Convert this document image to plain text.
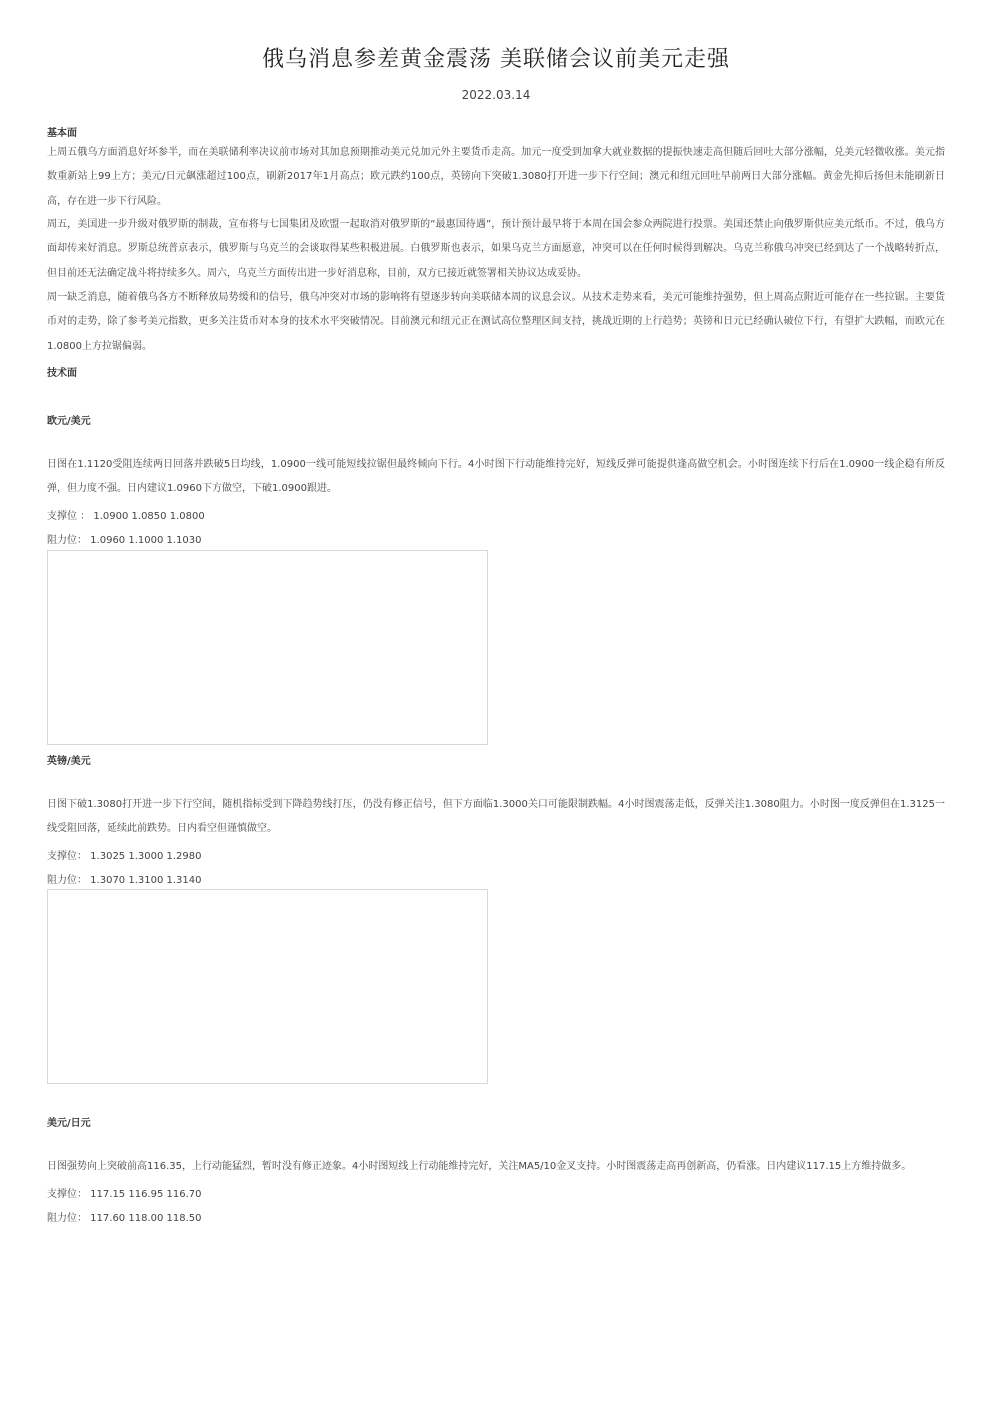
俄乌消息参差黄金震荡 美联储会议前美元走强
2022.03.14
基本面
上周五俄乌方面消息好坏参半，而在美联储利率决议前市场对其加息预期推动美元兑加元外主要货币走高。加元一度受到加拿大就业数据的提振快速走高但随后回吐大部分涨幅，兑美元轻微收涨。美元指数重新站上99上方；美元/日元飙涨超过100点，刷新2017年1月高点；欧元跌约100点，英镑向下突破1.3080打开进一步下行空间；澳元和纽元回吐早前两日大部分涨幅。黄金先抑后扬但未能刷新日高，存在进一步下行风险。
周五，美国进一步升级对俄罗斯的制裁，宣布将与七国集团及欧盟一起取消对俄罗斯的“最惠国待遇”，预计预计最早将于本周在国会参众两院进行投票。美国还禁止向俄罗斯供应美元纸币。不过，俄乌方面却传来好消息。罗斯总统普京表示，俄罗斯与乌克兰的会谈取得某些积极进展。白俄罗斯也表示，如果乌克兰方面愿意，冲突可以在任何时候得到解决。乌克兰称俄乌冲突已经到达了一个战略转折点，但目前还无法确定战斗将持续多久。周六，乌克兰方面传出进一步好消息称，目前，双方已接近就签署相关协议达成妥协。
周一缺乏消息，随着俄乌各方不断释放局势缓和的信号，俄乌冲突对市场的影响将有望逐步转向美联储本周的议息会议。从技术走势来看，美元可能维持强势，但上周高点附近可能存在一些拉锯。主要货币对的走势，除了参考美元指数，更多关注货币对本身的技术水平突破情况。目前澳元和纽元正在测试高位整理区间支持，挑战近期的上行趋势；英镑和日元已经确认破位下行，有望扩大跌幅，而欧元在1.0800上方拉锯偏弱。
技术面
欧元/美元
日图在1.1120受阻连续两日回落并跌破5日均线，1.0900一线可能短线拉锯但最终倾向下行。4小时图下行动能维持完好，短线反弹可能提供逢高做空机会。小时图连续下行后在1.0900一线企稳有所反弹，但力度不强。日内建议1.0960下方做空，下破1.0900跟进。
支撑位 ： 1.0900 1.0850 1.0800
阻力位： 1.0960 1.1000 1.1030
英镑/美元
日图下破1.3080打开进一步下行空间，随机指标受到下降趋势线打压，仍没有修正信号，但下方面临1.3000关口可能限制跌幅。4小时图震荡走低，反弹关注1.3080阻力。小时图一度反弹但在1.3125一线受阻回落，延续此前跌势。日内看空但谨慎做空。
支撑位： 1.3025 1.3000 1.2980
阻力位： 1.3070 1.3100 1.3140
美元/日元
日图强势向上突破前高116.35，上行动能猛烈，暂时没有修正迹象。4小时图短线上行动能维持完好，关注MA5/10金叉支持。小时图震荡走高再创新高，仍看涨。日内建议117.15上方维持做多。
支撑位： 117.15 116.95 116.70
阻力位： 117.60 118.00 118.50
